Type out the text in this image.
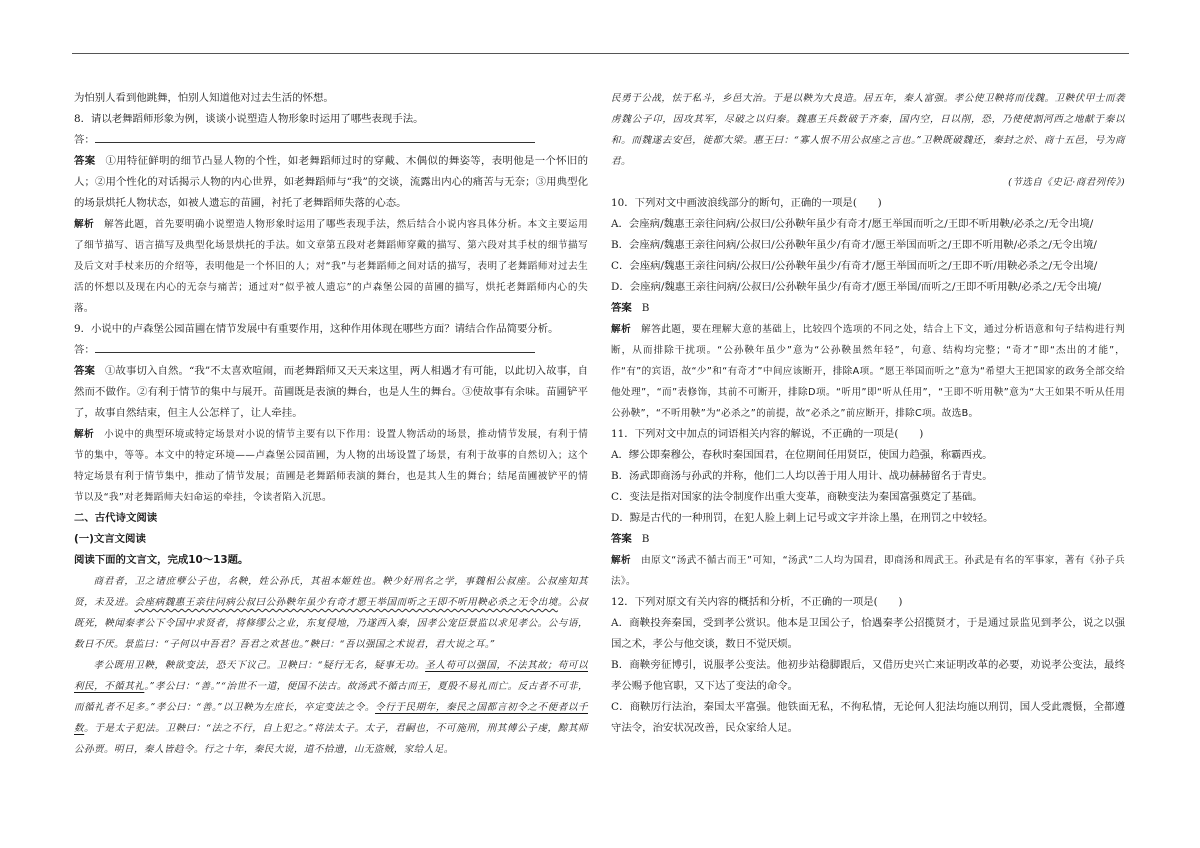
为怕别人看到他跳舞，怕别人知道他对过去生活的怀想。

8．请以老舞蹈师形象为例，谈谈小说塑造人物形象时运用了哪些表现手法。

答：

答案 ①用特征鲜明的细节凸显人物的个性，如老舞蹈师过时的穿戴、木偶似的舞姿等，表明他是一个怀旧的人；②用个性化的对话揭示人物的内心世界，如老舞蹈师与“我”的交谈，流露出内心的痛苦与无奈；③用典型化的场景烘托人物状态，如被人遗忘的苗圃，衬托了老舞蹈师失落的心态。

解析 解答此题，首先要明确小说塑造人物形象时运用了哪些表现手法，然后结合小说内容具体分析。本文主要运用了细节描写、语言描写及典型化场景烘托的手法。如文章第五段对老舞蹈师穿戴的描写、第六段对其手杖的细节描写及后文对手杖来历的介绍等，表明他是一个怀旧的人；对“我”与老舞蹈师之间对话的描写，表明了老舞蹈师对过去生活的怀想以及现在内心的无奈与痛苦；通过对“似乎被人遗忘”的卢森堡公园的苗圃的描写，烘托老舞蹈师内心的失落。

9．小说中的卢森堡公园苗圃在情节发展中有重要作用，这种作用体现在哪些方面？请结合作品简要分析。

答：

答案 ①故事切入自然。“我”不太喜欢喧闹，而老舞蹈师又天天来这里，两人相遇才有可能，以此切入故事，自然而不做作。②有利于情节的集中与展开。苗圃既是表演的舞台，也是人生的舞台。③使故事有余味。苗圃铲平了，故事自然结束，但主人公怎样了，让人牵挂。

解析 小说中的典型环境或特定场景对小说的情节主要有以下作用：设置人物活动的场景，推动情节发展，有利于情节的集中，等等。本文中的特定环境——卢森堡公园苗圃，为人物的出场设置了场景，有利于故事的自然切入；这个特定场景有利于情节集中，推动了情节发展；苗圃是老舞蹈师表演的舞台，也是其人生的舞台；结尾苗圃被铲平的情节以及“我”对老舞蹈师夫妇命运的牵挂，令读者陷入沉思。

二、古代诗文阅读

(一)文言文阅读

阅读下面的文言文，完成10～13题。

商君者，卫之诸庶孽公子也，名鞅，姓公孙氏，其祖本姬姓也。鞅少好刑名之学，事魏相公叔座。公叔座知其贤，未及进。会座病魏惠王亲往问病公叔曰公孙鞅年虽少有奇才愿王举国而听之王即不听用鞅必杀之无令出境。公叔既死，鞅闻秦孝公下令国中求贤者，将修缪公之业，东复侵地，乃遂西入秦，因孝公宠臣景监以求见孝公。公与语，数日不厌。景监曰：“子何以中吾君？吾君之欢甚也。”鞅曰：“吾以强国之术说君，君大说之耳。”

孝公既用卫鞅，鞅欲变法，恐天下议己。卫鞅曰：“疑行无名，疑事无功。圣人苟可以强国，不法其故；苟可以利民，不循其礼。”孝公曰：“善。”“治世不一道，便国不法古。故汤武不循古而王，夏殷不易礼而亡。反古者不可非，而循礼者不足多。”孝公曰：“善。”以卫鞅为左庶长，卒定变法之令。令行于民期年，秦民之国都言初令之不便者以千数。于是太子犯法。卫鞅曰：“法之不行，自上犯之。”将法太子。太子，君嗣也，不可施刑，刑其傅公子虔，黥其师公孙贾。明日，秦人皆趋令。行之十年，秦民大说，道不拾遗，山无盗贼，家给人足。

民勇于公战，怯于私斗，乡邑大治。于是以鞅为大良造。居五年，秦人富强。孝公使卫鞅将而伐魏。卫鞅伏甲士而袭虏魏公子卬，因攻其军，尽破之以归秦。魏惠王兵数破于齐秦，国内空，日以削，恐，乃使使割河西之地献于秦以和。而魏遂去安邑，徙都大梁。惠王曰：“寡人恨不用公叔座之言也。”卫鞅既破魏还，秦封之於、商十五邑，号为商君。

(节选自《史记·商君列传》)

10．下列对文中画波浪线部分的断句，正确的一项是(　　)

A．会座病/魏惠王亲往问病/公叔曰/公孙鞅年虽少有奇才/愿王举国而听之/王即不听用鞅/必杀之/无令出境/

B．会座病/魏惠王亲往问病/公叔曰/公孙鞅年虽少/有奇才/愿王举国而听之/王即不听用鞅/必杀之/无令出境/

C．会座病/魏惠王亲往问病/公叔曰/公孙鞅年虽少/有奇才/愿王举国而听之/王即不听/用鞅必杀之/无令出境/

D．会座病/魏惠王亲往问病/公叔曰/公孙鞅年虽少/有奇才/愿王举国/而听之/王即不听用鞅/必杀之/无令出境/

答案 B

解析 解答此题，要在理解大意的基础上，比较四个选项的不同之处，结合上下文，通过分析语意和句子结构进行判断，从而排除干扰项。“公孙鞅年虽少”意为“公孙鞅虽然年轻”，句意、结构均完整；“奇才”即“杰出的才能”，作“有”的宾语，故“少”和“有奇才”中间应该断开，排除A项。“愿王举国而听之”意为“希望大王把国家的政务全部交给他处理”，“而”表修饰，其前不可断开，排除D项。“听用”即“听从任用”，“王即不听用鞅”意为“大王如果不听从任用公孙鞅”，“不听用鞅”为“必杀之”的前提，故“必杀之”前应断开，排除C项。故选B。

11．下列对文中加点的词语相关内容的解说，不正确的一项是(　　)

A．缪公即秦穆公，春秋时秦国国君，在位期间任用贤臣，使国力趋强，称霸西戎。

B．汤武即商汤与孙武的并称，他们二人均以善于用人用计、战功赫赫留名于青史。

C．变法是指对国家的法令制度作出重大变革，商鞅变法为秦国富强奠定了基础。

D．黥是古代的一种刑罚，在犯人脸上刺上记号或文字并涂上墨，在刑罚之中较轻。

答案 B

解析 由原文“汤武不循古而王”可知，“汤武”二人均为国君，即商汤和周武王。孙武是有名的军事家，著有《孙子兵法》。

12．下列对原文有关内容的概括和分析，不正确的一项是(　　)

A．商鞅投奔秦国，受到孝公赏识。他本是卫国公子，恰遇秦孝公招揽贤才，于是通过景监见到孝公，说之以强国之术，孝公与他交谈，数日不觉厌烦。

B．商鞅旁征博引，说服孝公变法。他初步站稳脚跟后，又借历史兴亡来证明改革的必要，劝说孝公变法，最终孝公赐予他官职，又下达了变法的命令。

C．商鞅厉行法治，秦国太平富强。他铁面无私，不徇私情，无论何人犯法均施以刑罚，国人受此震慑，全都遵守法令，治安状况改善，民众家给人足。
